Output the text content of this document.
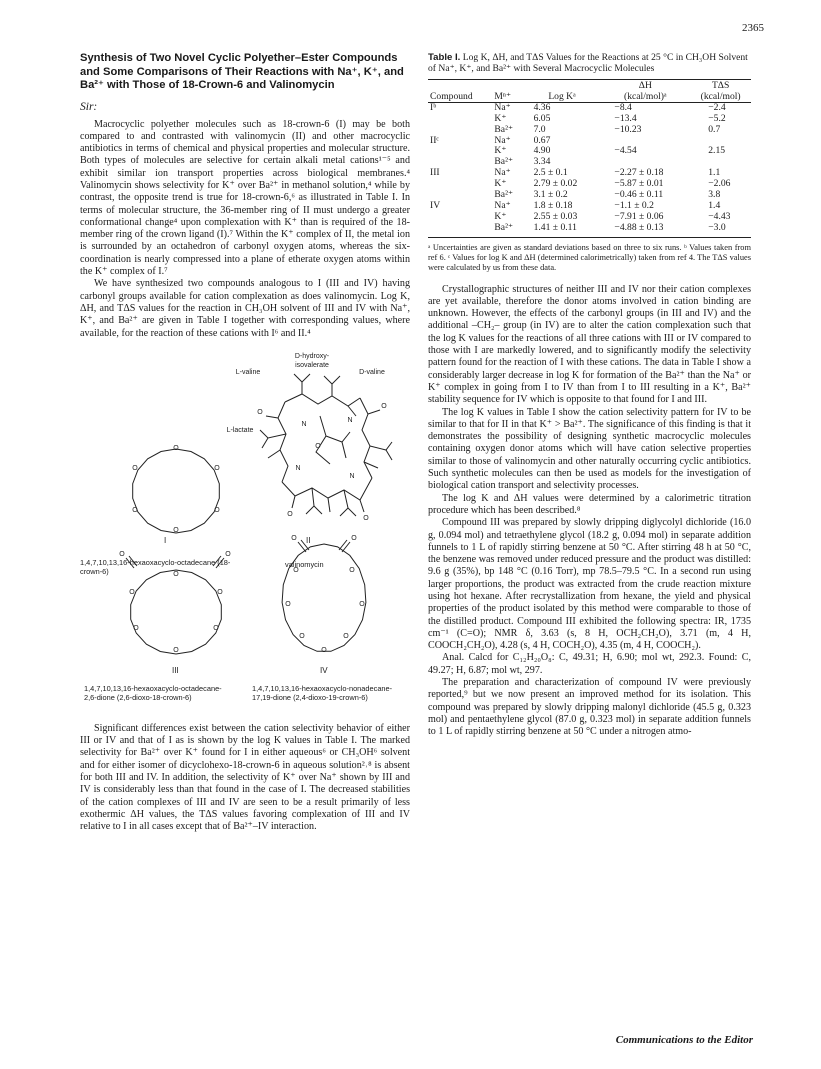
2365
Synthesis of Two Novel Cyclic Polyether–Ester Compounds and Some Comparisons of Their Reactions with Na⁺, K⁺, and Ba²⁺ with Those of 18-Crown-6 and Valinomycin
Sir:

Macrocyclic polyether molecules such as 18-crown-6 (I) may be both compared to and contrasted with valinomycin (II) and other macrocyclic antibiotics in terms of chemical and physical properties and molecular structure. Both types of molecules are selective for certain alkali metal cations¹⁻⁵ and exhibit similar ion transport properties across biological membranes.⁴ Valinomycin shows selectivity for K⁺ over Ba²⁺ in methanol solution,⁴ while by contrast, the opposite trend is true for 18-crown-6,⁶ as illustrated in Table I. In terms of molecular structure, the 36-member ring of II must undergo a greater conformational change⁴ upon complexation with K⁺ than is required of the 18-member ring of the crown ligand (I).⁷ Within the K⁺ complex of II, the metal ion is surrounded by an octahedron of carbonyl oxygen atoms, whereas the six-coordination is nearly compressed into a plane of etherate oxygen atoms within the K⁺ complex of I.⁷

We have synthesized two compounds analogous to I (III and IV) having carbonyl groups available for cation complexation as does valinomycin. Log K, ΔH, and TΔS values for the reaction in CH₃OH solvent of III and IV with Na⁺, K⁺, and Ba²⁺ are given in Table I together with corresponding values, where available, for the reaction of these cations with I⁶ and II.⁴

O
O	O
O	O
O
N
N
N
N
O
O
O
O
O
O	O
O
O	O
O	O
O
O	O
O	O
O	O
O	O
O
D-hydroxy-
isovalerate
L-valine	D-valine
L-lactate
I
1,4,7,10,13,16-hexaoxacyclo-octadecane (18-crown-6)
II
valinomycin
III
1,4,7,10,13,16-hexaoxacyclo-octadecane-2,6-dione (2,6-dioxo-18-crown-6)
IV
1,4,7,10,13,16-hexaoxacyclo-nonadecane-17,19-dione (2,4-dioxo-19-crown-6)

Significant differences exist between the cation selectivity behavior of either III or IV and that of I as is shown by the log K values in Table I. The marked selectivity for Ba²⁺ over K⁺ found for I in either aqueous⁶ or CH₃OH⁶ solvent and for either isomer of dicyclohexo-18-crown-6 in aqueous solution²˒⁸ is absent for both III and IV. In addition, the selectivity of K⁺ over Na⁺ shown by III and IV is considerably less than that found in the case of I. The decreased stabilities of the cation complexes of III and IV are seen to be a result primarily of less exothermic ΔH values, the TΔS values favoring complexation of III and IV relative to I in all cases except that of Ba²⁺–IV interaction.

Table I. Log K, ΔH, and TΔS Values for the Reactions at 25 °C in CH₃OH Solvent of Na⁺, K⁺, and Ba²⁺ with Several Macrocyclic Molecules
			ΔH	TΔS
Compound	Mⁿ⁺	Log Kᵃ	(kcal/mol)ᵃ	(kcal/mol)
Iᵇ	Na⁺	4.36	−8.4	−2.4
	K⁺	6.05	−13.4	−5.2
	Ba²⁺	7.0	−10.23	0.7
IIᶜ	Na⁺	0.67		
	K⁺	4.90	−4.54	2.15
	Ba²⁺	3.34		
III	Na⁺	2.5 ± 0.1	−2.27 ± 0.18	1.1
	K⁺	2.79 ± 0.02	−5.87 ± 0.01	−2.06
	Ba²⁺	3.1 ± 0.2	−0.46 ± 0.11	3.8
IV	Na⁺	1.8 ± 0.18	−1.1 ± 0.2	1.4
	K⁺	2.55 ± 0.03	−7.91 ± 0.06	−4.43
	Ba²⁺	1.41 ± 0.11	−4.88 ± 0.13	−3.0
ᵃ Uncertainties are given as standard deviations based on three to six runs. ᵇ Values taken from ref 6. ᶜ Values for log K and ΔH (determined calorimetrically) taken from ref 4. The TΔS values were calculated by us from these data.

Crystallographic structures of neither III and IV nor their cation complexes are yet available, therefore the donor atoms involved in cation binding are unknown. However, the effects of the carbonyl groups (in III and IV) and the additional –CH₂– group (in IV) are to alter the cation complexation such that the log K values for the reactions of all three cations with III or IV compared to those with I are markedly lowered, and to significantly modify the selectivity pattern found for the reaction of I with these cations. The data in Table I show a considerably larger decrease in log K for formation of the Ba²⁺ than the Na⁺ or K⁺ complex in going from I to IV than from I to III resulting in a K⁺, Ba²⁺ stability sequence for IV which is opposite to that found for I and III.

The log K values in Table I show the cation selectivity pattern for IV to be similar to that for II in that K⁺ > Ba²⁺. The significance of this finding is that it demonstrates the possibility of designing synthetic macrocyclic molecules containing oxygen donor atoms which will have cation selective properties similar to those of valinomycin and other naturally occurring cyclic antibiotics. Such synthetic molecules can then be used as models for the investigation of biological cation transport and selectivity processes.

The log K and ΔH values were determined by a calorimetric titration procedure which has been described.⁸

Compound III was prepared by slowly dripping diglycolyl dichloride (16.0 g, 0.094 mol) and tetraethylene glycol (18.2 g, 0.094 mol) in separate addition funnels to 1 L of rapidly stirring benzene at 50 °C. After stirring 48 h at 50 °C, the benzene was removed under reduced pressure and the product was distilled: 9.6 g (35%), bp 148 °C (0.16 Torr), mp 78.5–79.5 °C. In a second run using larger proportions, the product was extracted from the crude reaction mixture using hot hexane. After recrystallization from hexane, the yield and physical properties of the product isolated by this method were comparable to those of the distilled product. Compound III exhibited the following spectra: IR, 1735 cm⁻¹ (C=O); NMR δ, 3.63 (s, 8 H, OCH₂CH₂O), 3.71 (m, 4 H, COOCH₂CH₂O), 4.28 (s, 4 H, COCH₂O), 4.35 (m, 4 H, COOCH₂).

Anal. Calcd for C₁₂H₂₀O₈: C, 49.31; H, 6.90; mol wt, 292.3. Found: C, 49.27; H, 6.87; mol wt, 297.

The preparation and characterization of compound IV were previously reported,⁹ but we now present an improved method for its isolation. This compound was prepared by slowly dripping malonyl dichloride (45.5 g, 0.323 mol) and pentaethylene glycol (87.0 g, 0.323 mol) in separate addition funnels to 1 L of rapidly stirring benzene at 50 °C under a nitrogen atmo-

Communications to the Editor
